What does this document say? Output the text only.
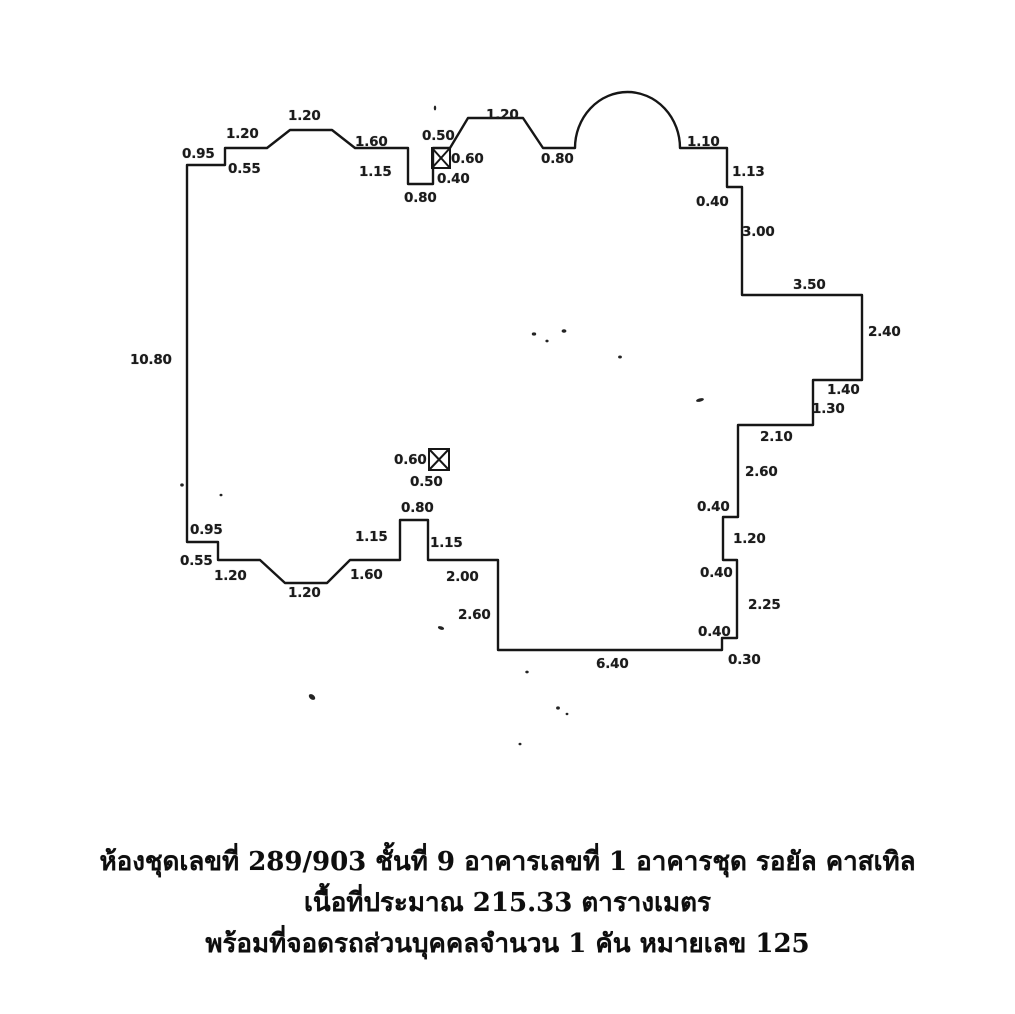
0.95
1.20
0.55
1.20
1.60
1.15
0.50
0.60
0.40
0.80
1.20
0.80
1.10
1.13
0.40
3.00
3.50
2.40
1.40
1.30
2.10
2.60
0.40
1.20
0.40
2.25
0.40
0.30
6.40
2.60
2.00
1.15
1.15
0.80
0.50
0.60
1.60
1.20
1.20
0.55
0.95
10.80
ห้องชุดเลขที่ 289/903 ชั้นที่ 9 อาคารเลขที่ 1 อาคารชุด รอยัล คาสเทิล
เนื้อที่ประมาณ 215.33 ตารางเมตร
พร้อมที่จอดรถส่วนบุคคลจำนวน 1 คัน หมายเลข 125
